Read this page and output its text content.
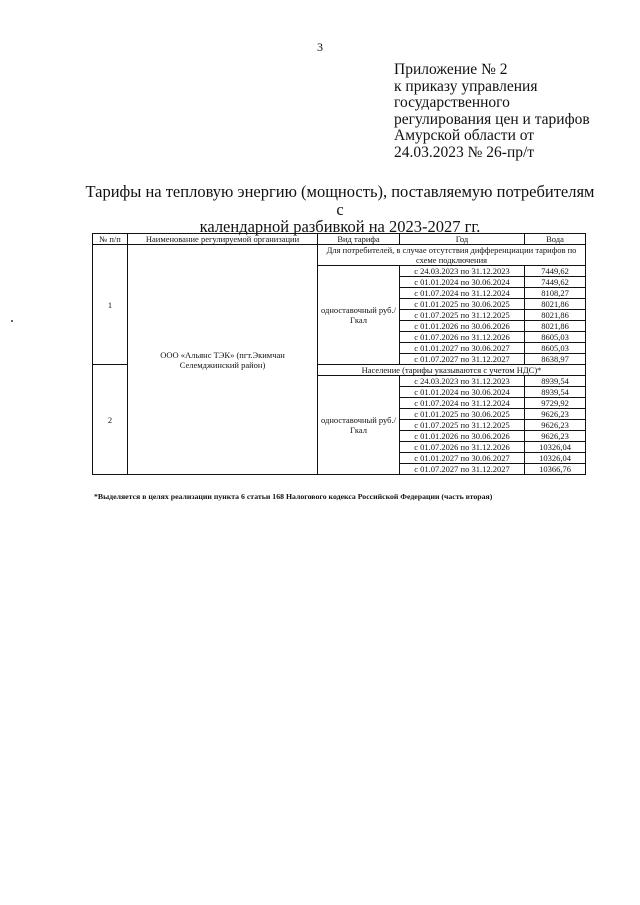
3
Приложение № 2
к приказу управления
государственного
регулирования цен и тарифов
Амурской области от
24.03.2023 № 26-пр/т
Тарифы на тепловую энергию (мощность), поставляемую потребителям с
календарной разбивкой на 2023-2027 гг.
№ п/п	Наименование регулируемой организации	Вид тарифа	Год	Вода
1	ООО «Альянс ТЭК» (пгт.Экимчан Селемджинский район)	Для потребителей, в случае отсутствия дифференциации тарифов по схеме подключения		
		одноставочный руб./Гкал	с 24.03.2023 по 31.12.2023	7449,62
			с 01.01.2024 по 30.06.2024	7449,62
			с 01.07.2024 по 31.12.2024	8108,27
			с 01.01.2025 по 30.06.2025	8021,86
			с 01.07.2025 по 31.12.2025	8021,86
			с 01.01.2026 по 30.06.2026	8021,86
			с 01.07.2026 по 31.12.2026	8605,03
			с 01.01.2027 по 30.06.2027	8605,03
			с 01.07.2027 по 31.12.2027	8638,97
2		Население (тарифы указываются с учетом НДС)*		
		одноставочный руб./Гкал	с 24.03.2023 по 31.12.2023	8939,54
			с 01.01.2024 по 30.06.2024	8939,54
			с 01.07.2024 по 31.12.2024	9729,92
			с 01.01.2025 по 30.06.2025	9626,23
			с 01.07.2025 по 31.12.2025	9626,23
			с 01.01.2026 по 30.06.2026	9626,23
			с 01.07.2026 по 31.12.2026	10326,04
			с 01.01.2027 по 30.06.2027	10326,04
			с 01.07.2027 по 31.12.2027	10366,76
*Выделяется в целях реализации пункта 6 статьи 168 Налогового кодекса Российской Федерации (часть вторая)
